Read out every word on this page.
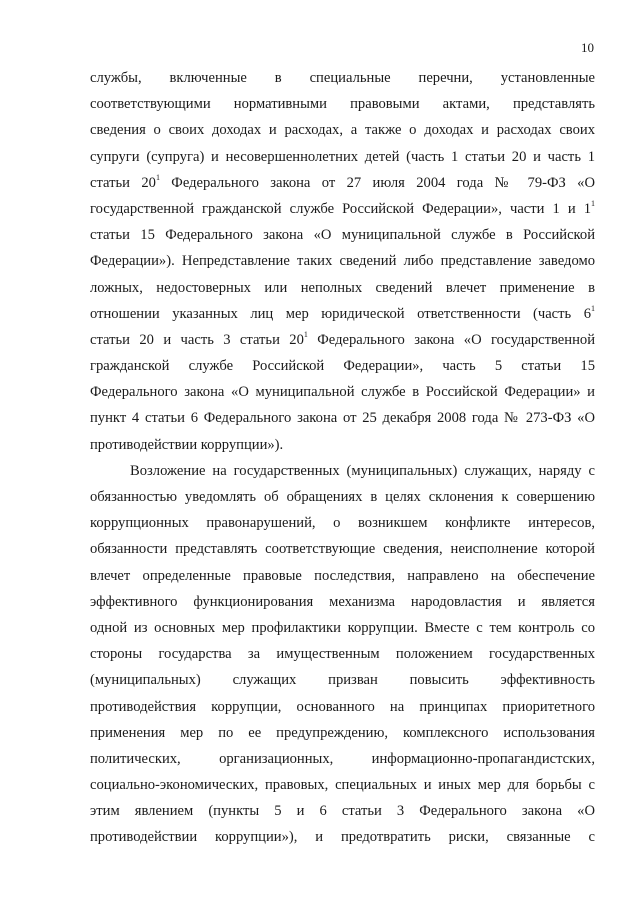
10
службы, включенные в специальные перечни, установленные
соответствующими нормативными правовыми актами, представлять
сведения о своих доходах и расходах, а также о доходах и расходах своих
супруги (супруга) и несовершеннолетних детей (часть 1 статьи 20 и часть 1
статьи $20^1$ Федерального закона от 27 июля 2004 года № 79-ФЗ «О
государственной гражданской службе Российской Федерации», части 1 и $1^1$
статьи 15 Федерального закона «О муниципальной службе в Российской
Федерации»). Непредставление таких сведений либо представление заведомо
ложных, недостоверных или неполных сведений влечет применение в
отношении указанных лиц мер юридической ответственности (часть $6^1$
статьи 20 и часть 3 статьи $20^1$ Федерального закона «О государственной
гражданской службе Российской Федерации», часть 5 статьи 15
Федерального закона «О муниципальной службе в Российской Федерации» и
пункт 4 статьи 6 Федерального закона от 25 декабря 2008 года № 273-ФЗ «О
противодействии коррупции»).
Возложение на государственных (муниципальных) служащих, наряду с
обязанностью уведомлять об обращениях в целях склонения к совершению
коррупционных правонарушений, о возникшем конфликте интересов,
обязанности представлять соответствующие сведения, неисполнение которой
влечет определенные правовые последствия, направлено на обеспечение
эффективного функционирования механизма народовластия и является
одной из основных мер профилактики коррупции. Вместе с тем контроль со
стороны государства за имущественным положением государственных
(муниципальных) служащих призван повысить эффективность
противодействия коррупции, основанного на принципах приоритетного
применения мер по ее предупреждению, комплексного использования
политических, организационных, информационно-пропагандистских,
социально-экономических, правовых, специальных и иных мер для борьбы с
этим явлением (пункты 5 и 6 статьи 3 Федерального закона «О
противодействии коррупции»), и предотвратить риски, связанные с
